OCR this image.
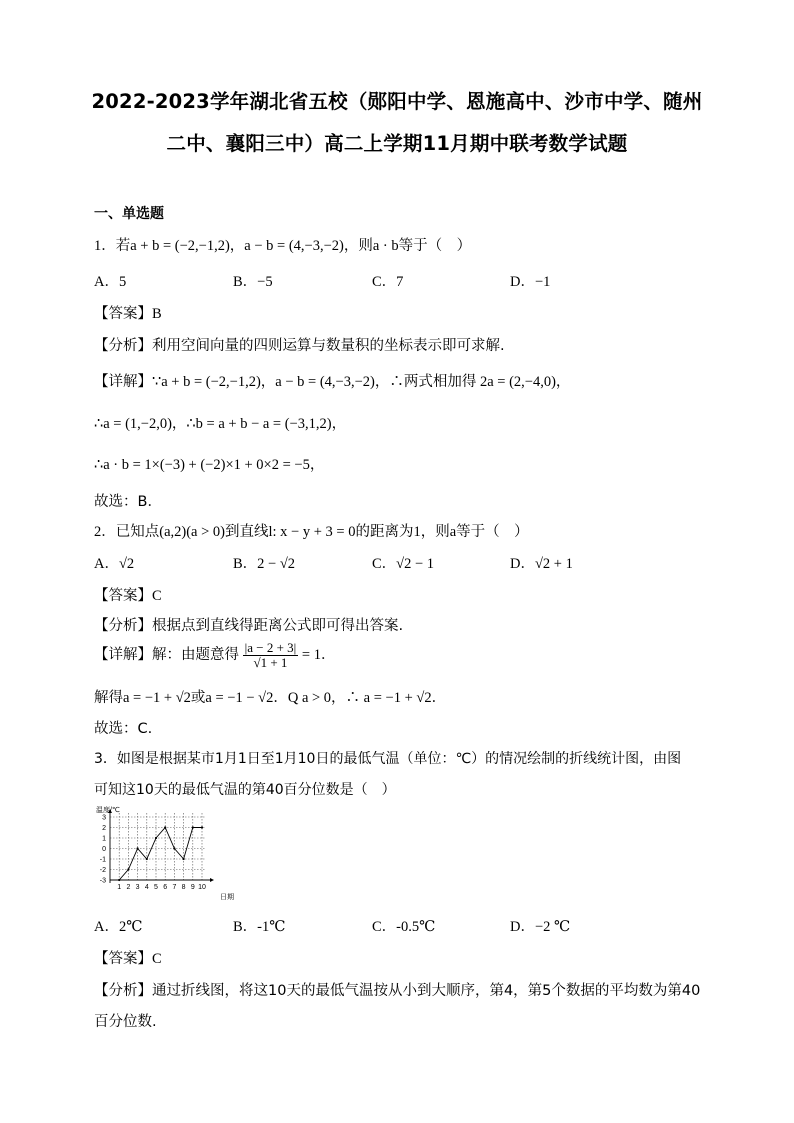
2022-2023学年湖北省五校（郧阳中学、恩施高中、沙市中学、随州
二中、襄阳三中）高二上学期11月期中联考数学试题
一、单选题
1．若a + b = (−2,−1,2)，a − b = (4,−3,−2)，则a · b等于（　）
A．5	B．−5	C．7	D．−1
【答案】B
【分析】利用空间向量的四则运算与数量积的坐标表示即可求解.
【详解】∵a + b = (−2,−1,2)，a − b = (4,−3,−2)，∴两式相加得 2a = (2,−4,0)，
∴a = (1,−2,0)，∴b = a + b − a = (−3,1,2)，
∴a · b = 1×(−3) + (−2)×1 + 0×2 = −5，
故选：B．
2．已知点(a,2)(a > 0)到直线l: x − y + 3 = 0的距离为1，则a等于（　）
A．√2	B．2 − √2	C．√2 − 1	D．√2 + 1
【答案】C
【分析】根据点到直线得距离公式即可得出答案.
【详解】解：由题意得 $\frac{|a - 2 + 3|}{√1 + 1} = 1$．
解得a = −1 + √2或a = −1 − √2．Q a > 0，∴ a = −1 + √2．
故选：C.
3．如图是根据某市1月1日至1月10日的最低气温（单位：℃）的情况绘制的折线统计图，由图
可知这10天的最低气温的第40百分位数是（　）
3
2
1
0
-1
-2
-3
1 2 3 4 5 6 7 8 9 10
温度/℃
日期
A．2℃	B．-1℃	C．-0.5℃	D．−2 ℃
【答案】C
【分析】通过折线图，将这10天的最低气温按从小到大顺序，第4，第5个数据的平均数为第40
百分位数.
